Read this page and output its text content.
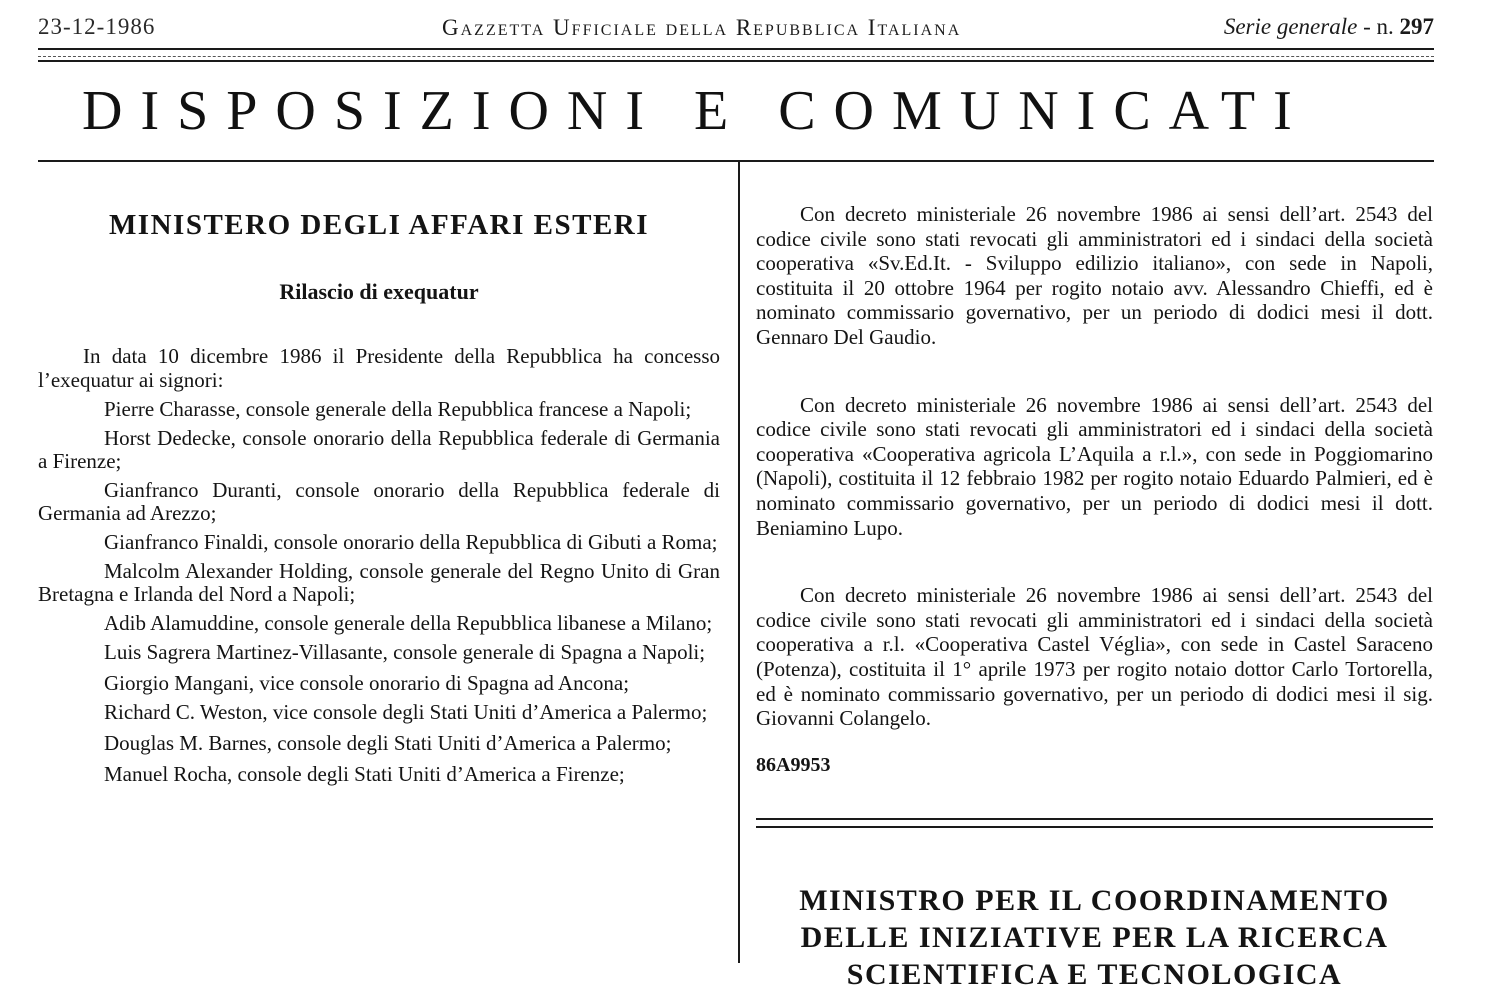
23-12-1986	Gazzetta Ufficiale della Repubblica Italiana	Serie generale - n. 297
DISPOSIZIONI E COMUNICATI
MINISTERO DEGLI AFFARI ESTERI
Rilascio di exequatur

In data 10 dicembre 1986 il Presidente della Repubblica ha concesso l’exequatur ai signori:

Pierre Charasse, console generale della Repubblica francese a Napoli;

Horst Dedecke, console onorario della Repubblica federale di Germania a Firenze;

Gianfranco Duranti, console onorario della Repubblica federale di Germania ad Arezzo;

Gianfranco Finaldi, console onorario della Repubblica di Gibuti a Roma;

Malcolm Alexander Holding, console generale del Regno Unito di Gran Bretagna e Irlanda del Nord a Napoli;

Adib Alamuddine, console generale della Repubblica libanese a Milano;

Luis Sagrera Martinez-Villasante, console generale di Spagna a Napoli;

Giorgio Mangani, vice console onorario di Spagna ad Ancona;

Richard C. Weston, vice console degli Stati Uniti d’America a Palermo;

Douglas M. Barnes, console degli Stati Uniti d’America a Palermo;

Manuel Rocha, console degli Stati Uniti d’America a Firenze;

Con decreto ministeriale 26 novembre 1986 ai sensi dell’art. 2543 del codice civile sono stati revocati gli amministratori ed i sindaci della società cooperativa «Sv.Ed.It. - Sviluppo edilizio italiano», con sede in Napoli, costituita il 20 ottobre 1964 per rogito notaio avv. Alessandro Chieffi, ed è nominato commissario governativo, per un periodo di dodici mesi il dott. Gennaro Del Gaudio.

Con decreto ministeriale 26 novembre 1986 ai sensi dell’art. 2543 del codice civile sono stati revocati gli amministratori ed i sindaci della società cooperativa «Cooperativa agricola L’Aquila a r.l.», con sede in Poggiomarino (Napoli), costituita il 12 febbraio 1982 per rogito notaio Eduardo Palmieri, ed è nominato commissario governativo, per un periodo di dodici mesi il dott. Beniamino Lupo.

Con decreto ministeriale 26 novembre 1986 ai sensi dell’art. 2543 del codice civile sono stati revocati gli amministratori ed i sindaci della società cooperativa a r.l. «Cooperativa Castel Véglia», con sede in Castel Saraceno (Potenza), costituita il 1° aprile 1973 per rogito notaio dottor Carlo Tortorella, ed è nominato commissario governativo, per un periodo di dodici mesi il sig. Giovanni Colangelo.

86A9953

MINISTRO PER IL COORDINAMENTO DELLE INIZIATIVE PER LA RICERCA SCIENTIFICA E TECNOLOGICA
